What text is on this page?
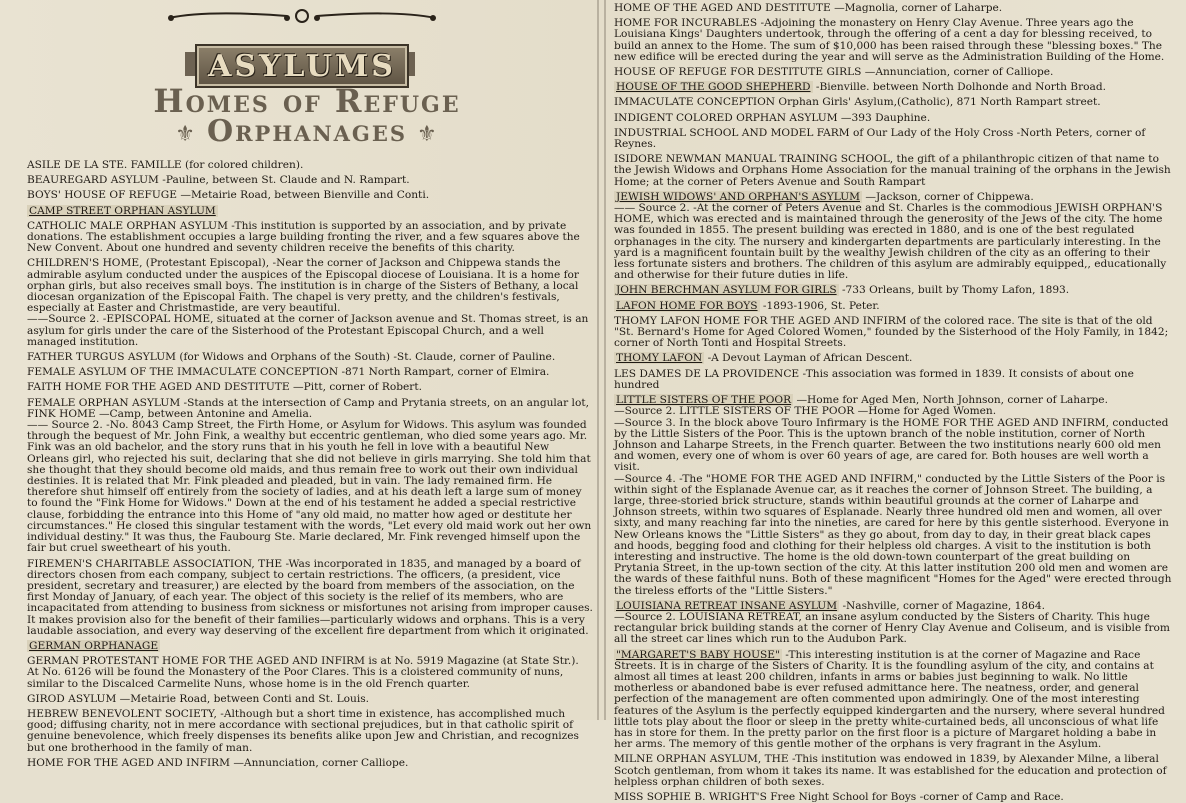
ASYLUMS
Homes of Refuge
⚜ Orphanages ⚜
ASILE DE LA STE. FAMILLE (for colored children).
BEAUREGARD ASYLUM -Pauline, between St. Claude and N. Rampart.
BOYS' HOUSE OF REFUGE —Metairie Road, between Bienville and Conti.
CAMP STREET ORPHAN ASYLUM
CATHOLIC MALE ORPHAN ASYLUM -This institution is supported by an association, and by private donations. The establishment occupies a large building fronting the river, and a few squares above the New Convent. About one hundred and seventy children receive the benefits of this charity.
CHILDREN'S HOME, (Protestant Episcopal), -Near the corner of Jackson and Chippewa stands the admirable asylum conducted under the auspices of the Episcopal diocese of Louisiana. It is a home for orphan girls, but also receives small boys. The institution is in charge of the Sisters of Bethany, a local diocesan organization of the Episcopal Faith. The chapel is very pretty, and the children's festivals, especially at Easter and Christmastide, are very beautiful.
——Source 2. -EPISCOPAL HOME, situated at the corner of Jackson avenue and St. Thomas street, is an asylum for girls under the care of the Sisterhood of the Protestant Episcopal Church, and a well managed institution.
FATHER TURGUS ASYLUM (for Widows and Orphans of the South) -St. Claude, corner of Pauline.
FEMALE ASYLUM OF THE IMMACULATE CONCEPTION -871 North Rampart, corner of Elmira.
FAITH HOME FOR THE AGED AND DESTITUTE —Pitt, corner of Robert.
FEMALE ORPHAN ASYLUM -Stands at the intersection of Camp and Prytania streets, on an angular lot, FINK HOME —Camp, between Antonine and Amelia.
—— Source 2. -No. 8043 Camp Street, the Firth Home, or Asylum for Widows. This asylum was founded through the bequest of Mr. John Fink, a wealthy but eccentric gentleman, who died some years ago. Mr. Fink was an old bachelor, and the story runs that in his youth he fell in love with a beautiful New Orleans girl, who rejected his suit, declaring that she did not believe in girls marrying. She told him that she thought that they should become old maids, and thus remain free to work out their own individual destinies. It is related that Mr. Fink pleaded and pleaded, but in vain. The lady remained firm. He therefore shut himself off entirely from the society of ladies, and at his death left a large sum of money to found the "Fink Home for Widows." Down at the end of his testament he added a special restrictive clause, forbidding the entrance into this Home of "any old maid, no matter how aged or destitute her circumstances." He closed this singular testament with the words, "Let every old maid work out her own individual destiny." It was thus, the Faubourg Ste. Marie declared, Mr. Fink revenged himself upon the fair but cruel sweetheart of his youth.
FIREMEN'S CHARITABLE ASSOCIATION, THE -Was incorporated in 1835, and managed by a board of directors chosen from each company, subject to certain restrictions. The officers, (a president, vice president, secretary and treasurer,) are elected by the board from members of the association, on the first Monday of January, of each year. The object of this society is the relief of its members, who are incapacitated from attending to business from sickness or misfortunes not arising from improper causes. It makes provision also for the benefit of their families—particularly widows and orphans. This is a very laudable association, and every way deserving of the excellent fire department from which it originated.
GERMAN ORPHANAGE
GERMAN PROTESTANT HOME FOR THE AGED AND INFIRM is at No. 5919 Magazine (at State Str.). At No. 6126 will be found the Monastery of the Poor Clares. This is a cloistered community of nuns, similar to the Discalced Carmelite Nuns, whose home is in the old French quarter.
GIROD ASYLUM —Metairie Road, between Conti and St. Louis.
HEBREW BENEVOLENT SOCIETY, -Although but a short time in existence, has accomplished much good; diffusing charity, not in mere accordance with sectional prejudices, but in that catholic spirit of genuine benevolence, which freely dispenses its benefits alike upon Jew and Christian, and recognizes but one brotherhood in the family of man.
HOME FOR THE AGED AND INFIRM —Annunciation, corner Calliope.
HOME OF THE AGED AND DESTITUTE —Magnolia, corner of Laharpe.
HOME FOR INCURABLES -Adjoining the monastery on Henry Clay Avenue. Three years ago the Louisiana Kings' Daughters undertook, through the offering of a cent a day for blessing received, to build an annex to the Home. The sum of $10,000 has been raised through these "blessing boxes." The new edifice will be erected during the year and will serve as the Administration Building of the Home.
HOUSE OF REFUGE FOR DESTITUTE GIRLS —Annunciation, corner of Calliope.
HOUSE OF THE GOOD SHEPHERD -Bienville. between North Dolhonde and North Broad.
IMMACULATE CONCEPTION Orphan Girls' Asylum,(Catholic), 871 North Rampart street.
INDIGENT COLORED ORPHAN ASYLUM —393 Dauphine.
INDUSTRIAL SCHOOL AND MODEL FARM of Our Lady of the Holy Cross -North Peters, corner of Reynes.
ISIDORE NEWMAN MANUAL TRAINING SCHOOL, the gift of a philanthropic citizen of that name to the Jewish Widows and Orphans Home Association for the manual training of the orphans in the Jewish Home; at the corner of Peters Avenue and South Rampart
JEWISH WIDOWS' AND ORPHAN'S ASYLUM —Jackson, corner of Chippewa.
—— Source 2. -At the corner of Peters Avenue and St. Charles is the commodious JEWISH ORPHAN'S HOME, which was erected and is maintained through the generosity of the Jews of the city. The home was founded in 1855. The present building was erected in 1880, and is one of the best regulated orphanages in the city. The nursery and kindergarten departments are particularly interesting. In the yard is a magnificent fountain built by the wealthy Jewish children of the city as an offering to their less fortunate sisters and brothers. The children of this asylum are admirably equipped,, educationally and otherwise for their future duties in life.
JOHN BERCHMAN ASYLUM FOR GIRLS -733 Orleans, built by Thomy Lafon, 1893.
LAFON HOME FOR BOYS -1893-1906, St. Peter.
THOMY LAFON HOME FOR THE AGED AND INFIRM of the colored race. The site is that of the old "St. Bernard's Home for Aged Colored Women," founded by the Sisterhood of the Holy Family, in 1842; corner of North Tonti and Hospital Streets.
THOMY LAFON -A Devout Layman of African Descent.
LES DAMES DE LA PROVIDENCE -This association was formed in 1839. It consists of about one hundred
LITTLE SISTERS OF THE POOR —Home for Aged Men, North Johnson, corner of Laharpe.
—Source 2. LITTLE SISTERS OF THE POOR —Home for Aged Women.
—Source 3. In the block above Touro Infirmary is the HOME FOR THE AGED AND INFIRM, conducted by the Little Sisters of the Poor. This is the uptown branch of the noble institution, corner of North Johnson and Laharpe Streets, in the French quarter. Between the two institutions nearly 600 old men and women, every one of whom is over 60 years of age, are cared for. Both houses are well worth a visit.
—Source 4. -The "HOME FOR THE AGED AND INFIRM," conducted by the Little Sisters of the Poor is within sight of the Esplanade Avenue car, as it reaches the corner of Johnson Street. The building, a large, three-storied brick structure, stands within beautiful grounds at the corner of Laharpe and Johnson streets, within two squares of Esplanade. Nearly three hundred old men and women, all over sixty, and many reaching far into the nineties, are cared for here by this gentle sisterhood. Everyone in New Orleans knows the "Little Sisters" as they go about, from day to day, in their great black capes and hoods, begging food and clothing for their helpless old charges. A visit to the institution is both interesting and instructive. The home is the old down-town counterpart of the great building on Prytania Street, in the up-town section of the city. At this latter institution 200 old men and women are the wards of these faithful nuns. Both of these magnificent "Homes for the Aged" were erected through the tireless efforts of the "Little Sisters."
LOUISIANA RETREAT INSANE ASYLUM -Nashville, corner of Magazine, 1864.
—Source 2. LOUISIANA RETREAT, an insane asylum conducted by the Sisters of Charity. This huge rectangular brick building stands at the corner of Henry Clay Avenue and Coliseum, and is visible from all the street car lines which run to the Audubon Park.
"MARGARET'S BABY HOUSE" -This interesting institution is at the corner of Magazine and Race Streets. It is in charge of the Sisters of Charity. It is the foundling asylum of the city, and contains at almost all times at least 200 children, infants in arms or babies just beginning to walk. No little motherless or abandoned babe is ever refused admittance here. The neatness, order, and general perfection of the management are often commented upon admiringly. One of the most interesting features of the Asylum is the perfectly equipped kindergarten and the nursery, where several hundred little tots play about the floor or sleep in the pretty white-curtained beds, all unconscious of what life has in store for them. In the pretty parlor on the first floor is a picture of Margaret holding a babe in her arms. The memory of this gentle mother of the orphans is very fragrant in the Asylum.
MILNE ORPHAN ASYLUM, THE -This institution was endowed in 1839, by Alexander Milne, a liberal Scotch gentleman, from whom it takes its name. It was established for the education and protection of helpless orphan children of both sexes.
MISS SOPHIE B. WRIGHT'S Free Night School for Boys -corner of Camp and Race.
